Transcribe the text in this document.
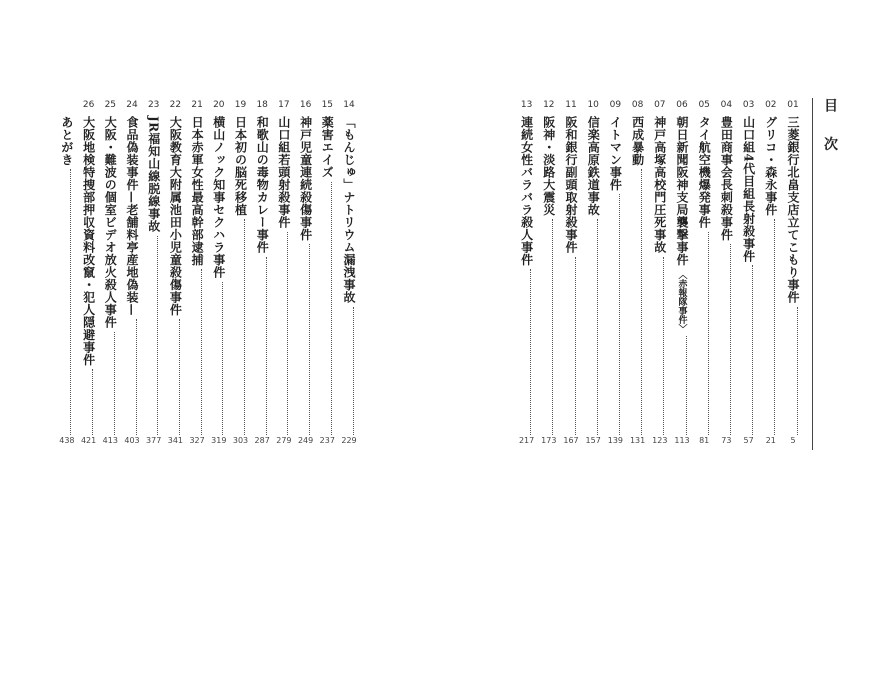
目 次
01
三菱銀行北畠支店立てこもり事件
5
02
グリコ・森永事件
21
03
山口組4代目組長射殺事件
57
04
豊田商事会長刺殺事件
73
05
タイ航空機爆発事件
81
06
朝日新聞阪神支局襲撃事件
〈赤報隊事件〉
113
07
神戸高塚高校門圧死事故
123
08
西成暴動
131
09
イトマン事件
139
10
信楽高原鉄道事故
157
11
阪和銀行副頭取射殺事件
167
12
阪神・淡路大震災
173
13
連続女性バラバラ殺人事件
217
14
「もんじゅ」ナトリウム漏洩事故
229
15
薬害エイズ
237
16
神戸児童連続殺傷事件
249
17
山口組若頭射殺事件
279
18
和歌山の毒物カレー事件
287
19
日本初の脳死移植
303
20
横山ノック知事セクハラ事件
319
21
日本赤軍女性最高幹部逮捕
327
22
大阪教育大附属池田小児童殺傷事件
341
23
JR福知山線脱線事故
377
24
食品偽装事件—老舗料亭産地偽装—
403
25
大阪・難波の個室ビデオ放火殺人事件
413
26
大阪地検特捜部押収資料改竄・犯人隠避事件
421
あとがき
438
